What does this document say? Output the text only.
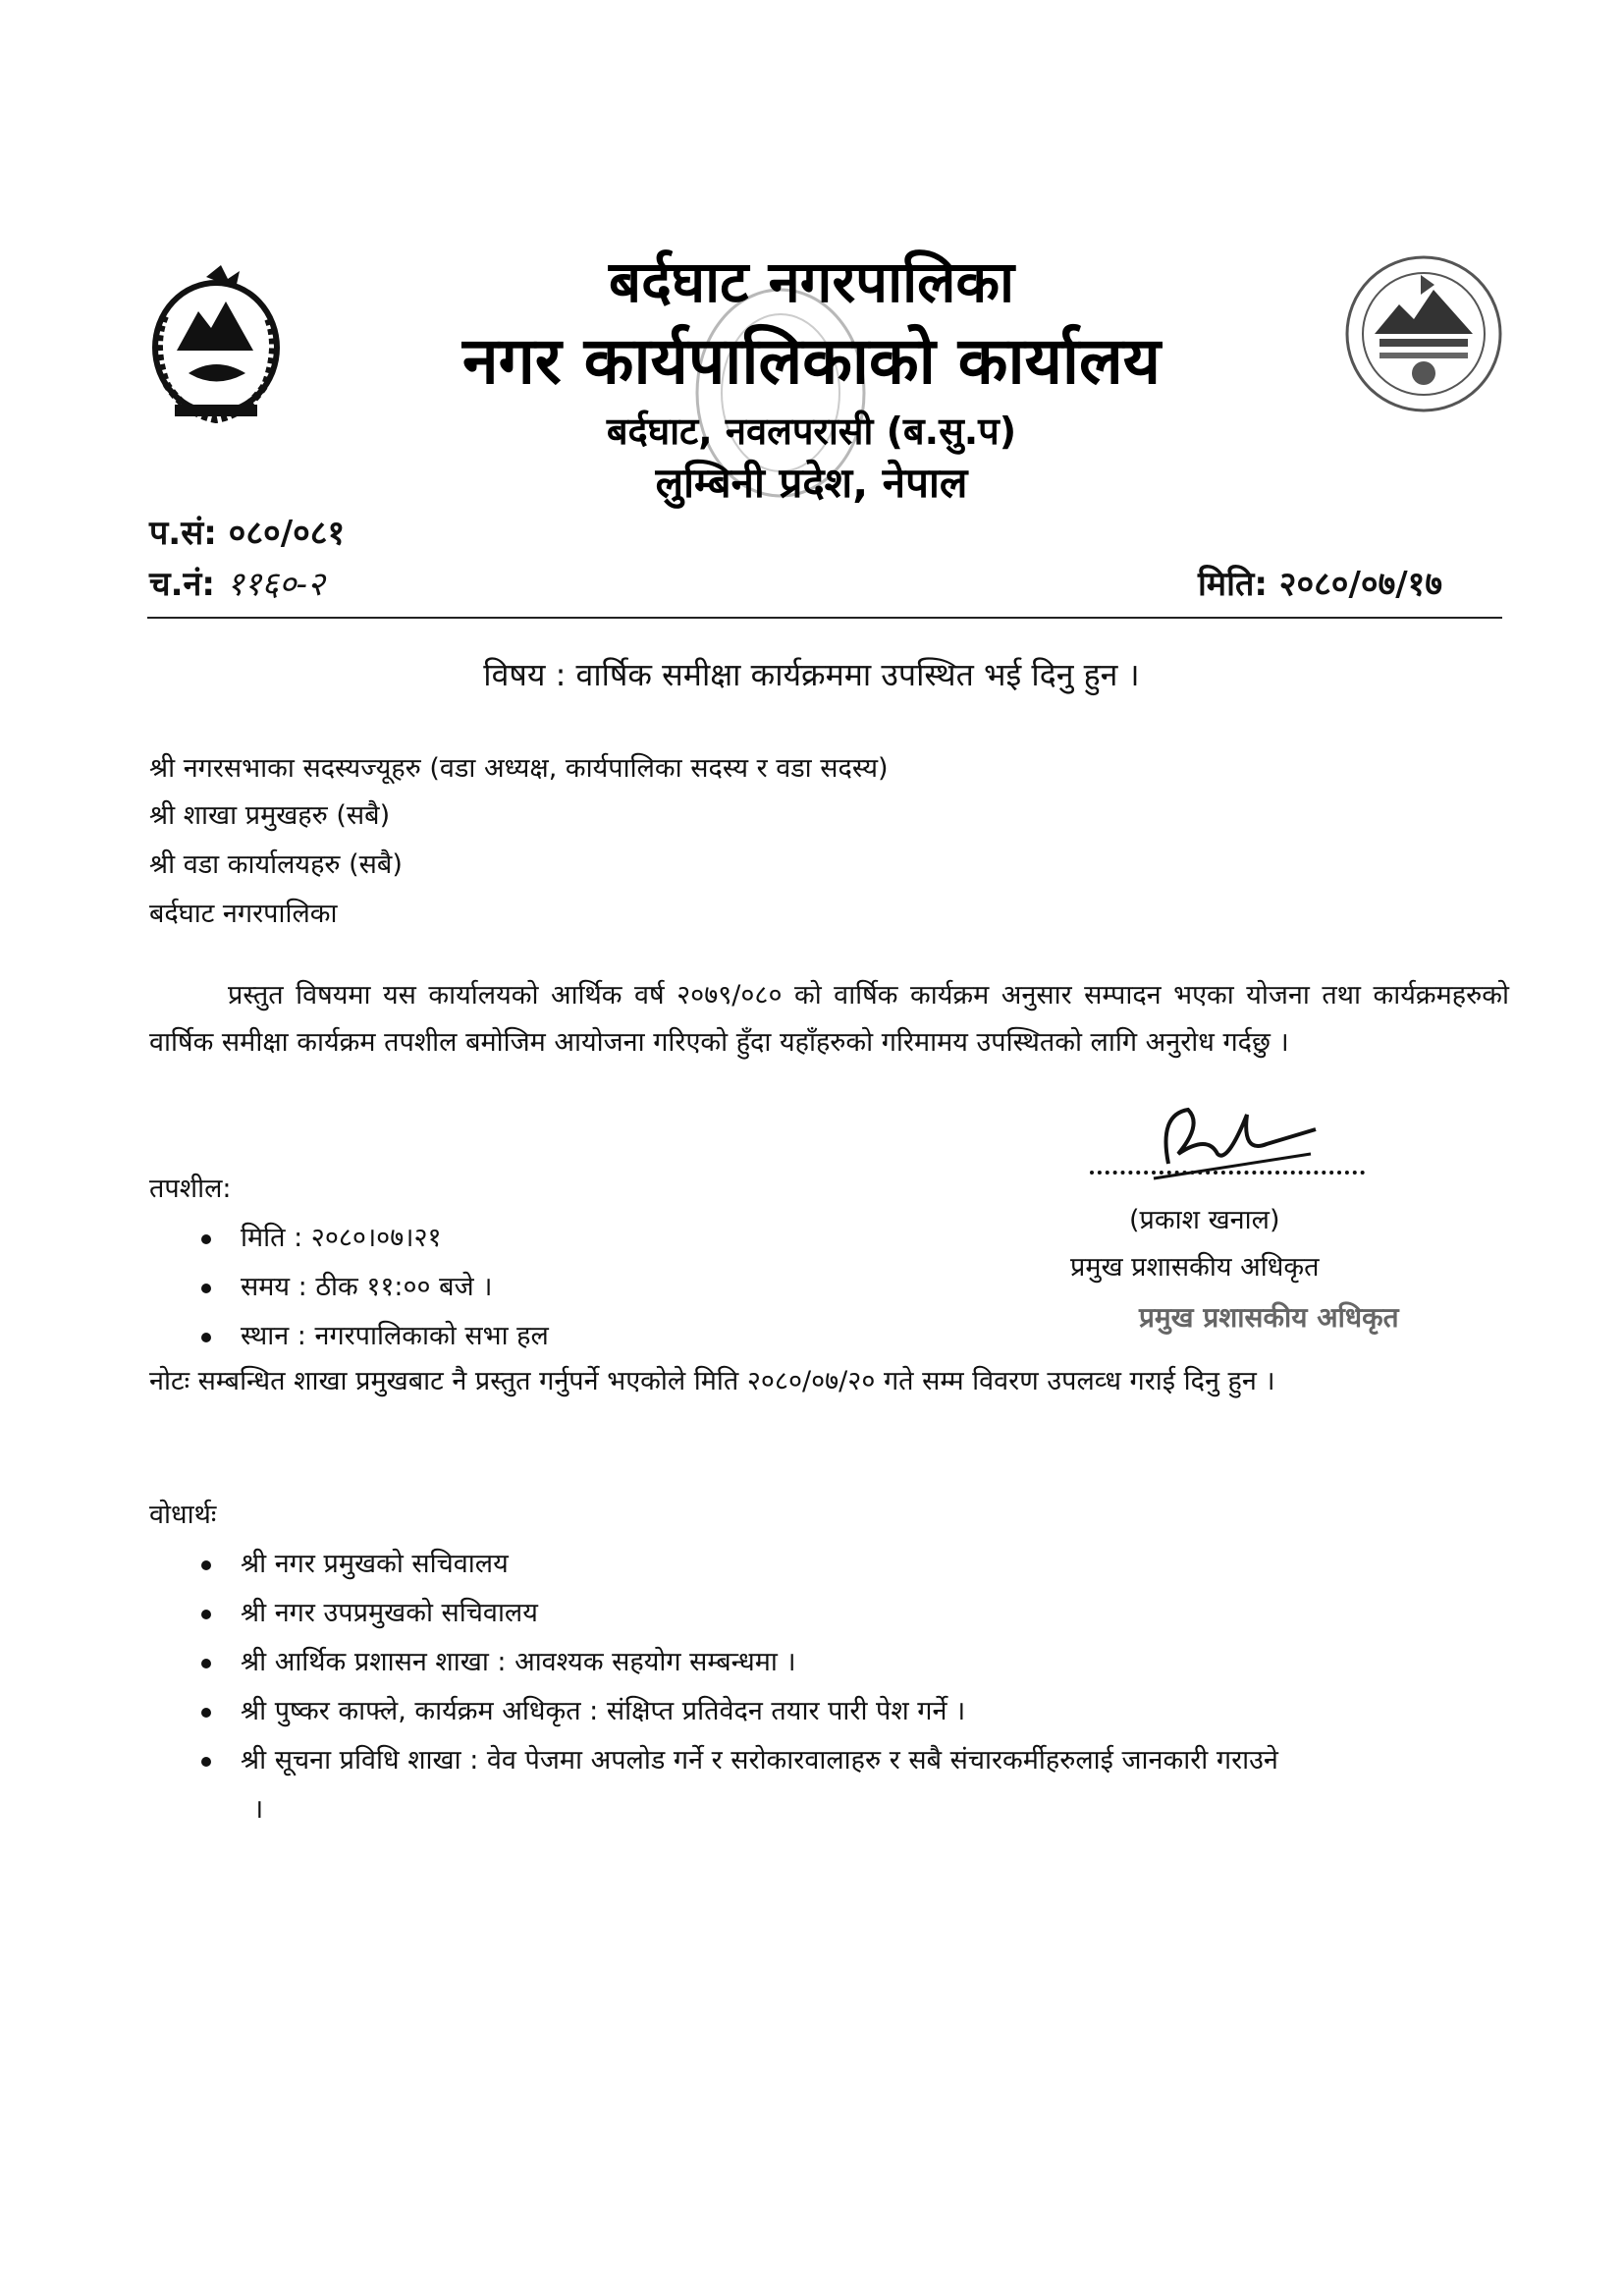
बर्दघाट नगरपालिका
नगर कार्यपालिकाको कार्यालय
बर्दघाट, नवलपरासी (ब.सु.प)
लुम्बिनी प्रदेश, नेपाल
प.सं: ०८०/०८१
च.नं: ११६०-२	मिति: २०८०/०७/१७
विषय : वार्षिक समीक्षा कार्यक्रममा उपस्थित भई दिनु हुन ।
श्री नगरसभाका सदस्यज्यूहरु (वडा अध्यक्ष, कार्यपालिका सदस्य र वडा सदस्य)
श्री शाखा प्रमुखहरु (सबै)
श्री वडा कार्यालयहरु (सबै)
बर्दघाट नगरपालिका
प्रस्तुत विषयमा यस कार्यालयको आर्थिक वर्ष २०७९/०८० को वार्षिक कार्यक्रम अनुसार सम्पादन भएका योजना तथा कार्यक्रमहरुको वार्षिक समीक्षा कार्यक्रम तपशील बमोजिम आयोजना गरिएको हुँदा यहाँहरुको गरिमामय उपस्थितको लागि अनुरोध गर्दछु ।
तपशील:
मिति : २०८०।०७।२१
समय : ठीक ११:०० बजे ।
स्थान : नगरपालिकाको सभा हल
(प्रकाश खनाल)
प्रमुख प्रशासकीय अधिकृत
प्रमुख प्रशासकीय अधिकृत
नोटः सम्बन्धित शाखा प्रमुखबाट नै प्रस्तुत गर्नुपर्ने भएकोले मिति २०८०/०७/२० गते सम्म विवरण उपलव्ध गराई दिनु हुन ।
वोधार्थः
श्री नगर प्रमुखको सचिवालय
श्री नगर उपप्रमुखको सचिवालय
श्री आर्थिक प्रशासन शाखा : आवश्यक सहयोग सम्बन्धमा ।
श्री पुष्कर काफ्ले, कार्यक्रम अधिकृत : संक्षिप्त प्रतिवेदन तयार पारी पेश गर्ने ।
श्री सूचना प्रविधि शाखा : वेव पेजमा अपलोड गर्ने र सरोकारवालाहरु र सबै संचारकर्मीहरुलाई जानकारी गराउने
।
